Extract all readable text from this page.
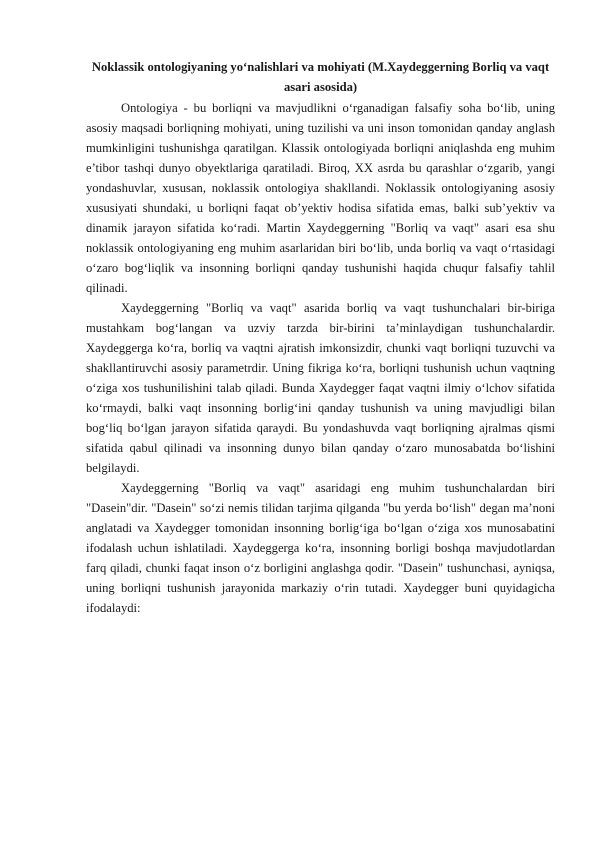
Noklassik ontologiyaning yo‘nalishlari va mohiyati (M.Xaydeggerning Borliq va vaqt asari asosida)

Ontologiya - bu borliqni va mavjudlikni o‘rganadigan falsafiy soha bo‘lib, uning asosiy maqsadi borliqning mohiyati, uning tuzilishi va uni inson tomonidan qanday anglash mumkinligini tushunishga qaratilgan. Klassik ontologiyada borliqni aniqlashda eng muhim e’tibor tashqi dunyo obyektlariga qaratiladi. Biroq, XX asrda bu qarashlar o‘zgarib, yangi yondashuvlar, xususan, noklassik ontologiya shakllandi. Noklassik ontologiyaning asosiy xususiyati shundaki, u borliqni faqat ob’yektiv hodisa sifatida emas, balki sub’yektiv va dinamik jarayon sifatida ko‘radi. Martin Xaydeggerning "Borliq va vaqt" asari esa shu noklassik ontologiyaning eng muhim asarlaridan biri bo‘lib, unda borliq va vaqt o‘rtasidagi o‘zaro bog‘liqlik va insonning borliqni qanday tushunishi haqida chuqur falsafiy tahlil qilinadi.

Xaydeggerning "Borliq va vaqt" asarida borliq va vaqt tushunchalari bir-biriga mustahkam bog‘langan va uzviy tarzda bir-birini ta’minlaydigan tushunchalardir. Xaydeggerga ko‘ra, borliq va vaqtni ajratish imkonsizdir, chunki vaqt borliqni tuzuvchi va shakllantiruvchi asosiy parametrdir. Uning fikriga ko‘ra, borliqni tushunish uchun vaqtning o‘ziga xos tushunilishini talab qiladi. Bunda Xaydegger faqat vaqtni ilmiy o‘lchov sifatida ko‘rmaydi, balki vaqt insonning borlig‘ini qanday tushunish va uning mavjudligi bilan bog‘liq bo‘lgan jarayon sifatida qaraydi. Bu yondashuvda vaqt borliqning ajralmas qismi sifatida qabul qilinadi va insonning dunyo bilan qanday o‘zaro munosabatda bo‘lishini belgilaydi.

Xaydeggerning "Borliq va vaqt" asaridagi eng muhim tushunchalardan biri "Dasein"dir. "Dasein" so‘zi nemis tilidan tarjima qilganda "bu yerda bo‘lish" degan ma’noni anglatadi va Xaydegger tomonidan insonning borlig‘iga bo‘lgan o‘ziga xos munosabatini ifodalash uchun ishlatiladi. Xaydeggerga ko‘ra, insonning borligi boshqa mavjudotlardan farq qiladi, chunki faqat inson o‘z borligini anglashga qodir. "Dasein" tushunchasi, ayniqsa, uning borliqni tushunish jarayonida markaziy o‘rin tutadi. Xaydegger buni quyidagicha ifodalaydi:
